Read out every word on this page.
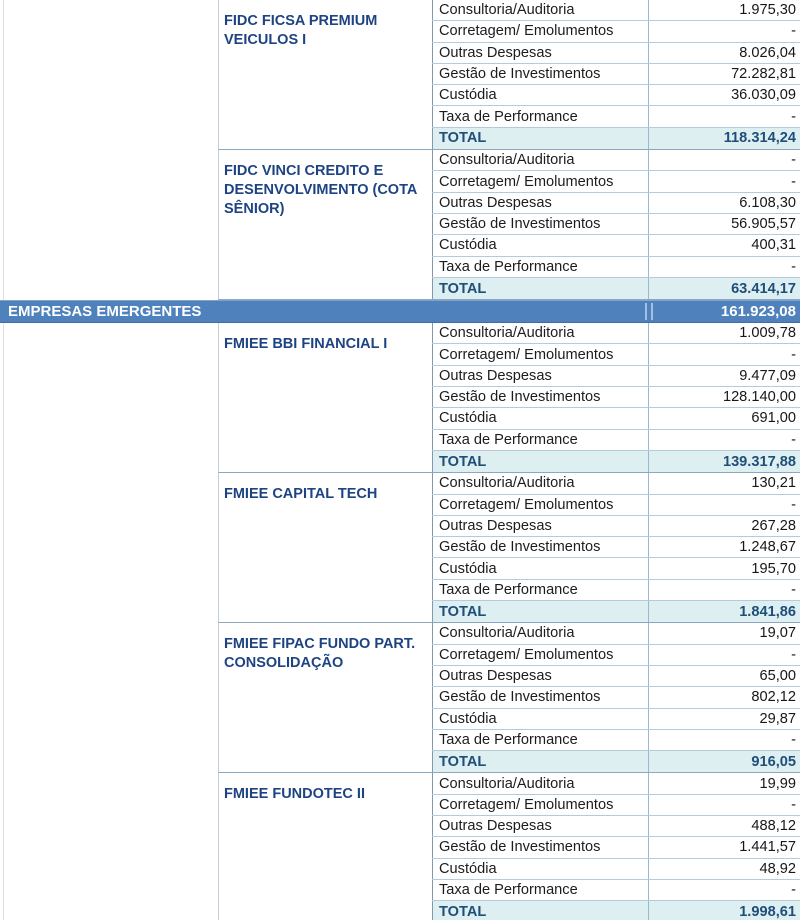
FIDC FICSA PREMIUM VEICULOS I
Consultoria/Auditoria	1.975,30
Corretagem/ Emolumentos	-
Outras Despesas	8.026,04
Gestão de Investimentos	72.282,81
Custódia	36.030,09
Taxa de Performance	-
TOTAL	118.314,24
FIDC VINCI CREDITO E DESENVOLVIMENTO (COTA SÊNIOR)
Consultoria/Auditoria	-
Corretagem/ Emolumentos	-
Outras Despesas	6.108,30
Gestão de Investimentos	56.905,57
Custódia	400,31
Taxa de Performance	-
TOTAL	63.414,17
EMPRESAS EMERGENTES	161.923,08
FMIEE BBI FINANCIAL I
Consultoria/Auditoria	1.009,78
Corretagem/ Emolumentos	-
Outras Despesas	9.477,09
Gestão de Investimentos	128.140,00
Custódia	691,00
Taxa de Performance	-
TOTAL	139.317,88
FMIEE CAPITAL TECH
Consultoria/Auditoria	130,21
Corretagem/ Emolumentos	-
Outras Despesas	267,28
Gestão de Investimentos	1.248,67
Custódia	195,70
Taxa de Performance	-
TOTAL	1.841,86
FMIEE FIPAC FUNDO PART. CONSOLIDAÇÃO
Consultoria/Auditoria	19,07
Corretagem/ Emolumentos	-
Outras Despesas	65,00
Gestão de Investimentos	802,12
Custódia	29,87
Taxa de Performance	-
TOTAL	916,05
FMIEE FUNDOTEC II
Consultoria/Auditoria	19,99
Corretagem/ Emolumentos	-
Outras Despesas	488,12
Gestão de Investimentos	1.441,57
Custódia	48,92
Taxa de Performance	-
TOTAL	1.998,61
